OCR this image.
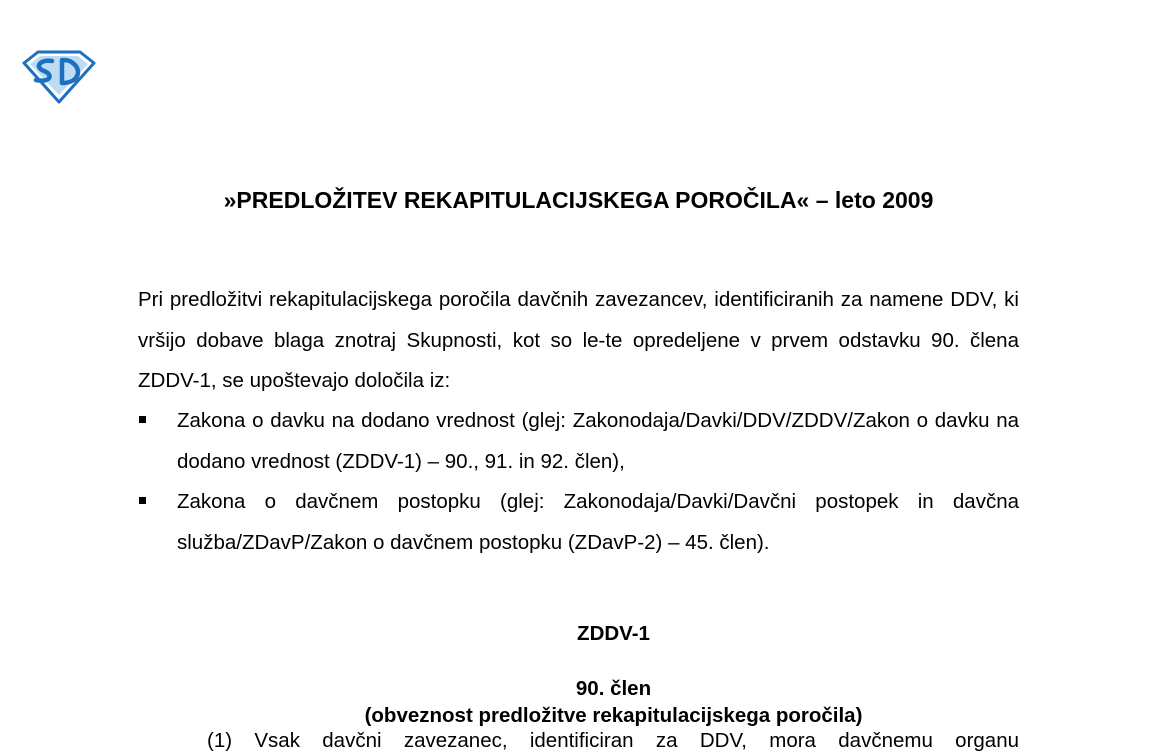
»PREDLOŽITEV REKAPITULACIJSKEGA POROČILA« – leto 2009

Pri predložitvi rekapitulacijskega poročila davčnih zavezancev, identificiranih za namene DDV, ki vršijo dobave blaga znotraj Skupnosti, kot so le-te opredeljene v prvem odstavku 90. člena ZDDV-1, se upoštevajo določila iz:

Zakona o davku na dodano vrednost (glej: Zakonodaja/Davki/DDV/ZDDV/Zakon o davku na dodano vrednost (ZDDV-1) – 90., 91. in 92. člen),
Zakona o davčnem postopku (glej: Zakonodaja/Davki/Davčni postopek in davčna služba/ZDavP/Zakon o davčnem postopku (ZDavP-2) – 45. člen).
ZDDV-1
90. člen
(obveznost predložitve rekapitulacijskega poročila)
(1) Vsak davčni zavezanec, identificiran za DDV, mora davčnemu organu
